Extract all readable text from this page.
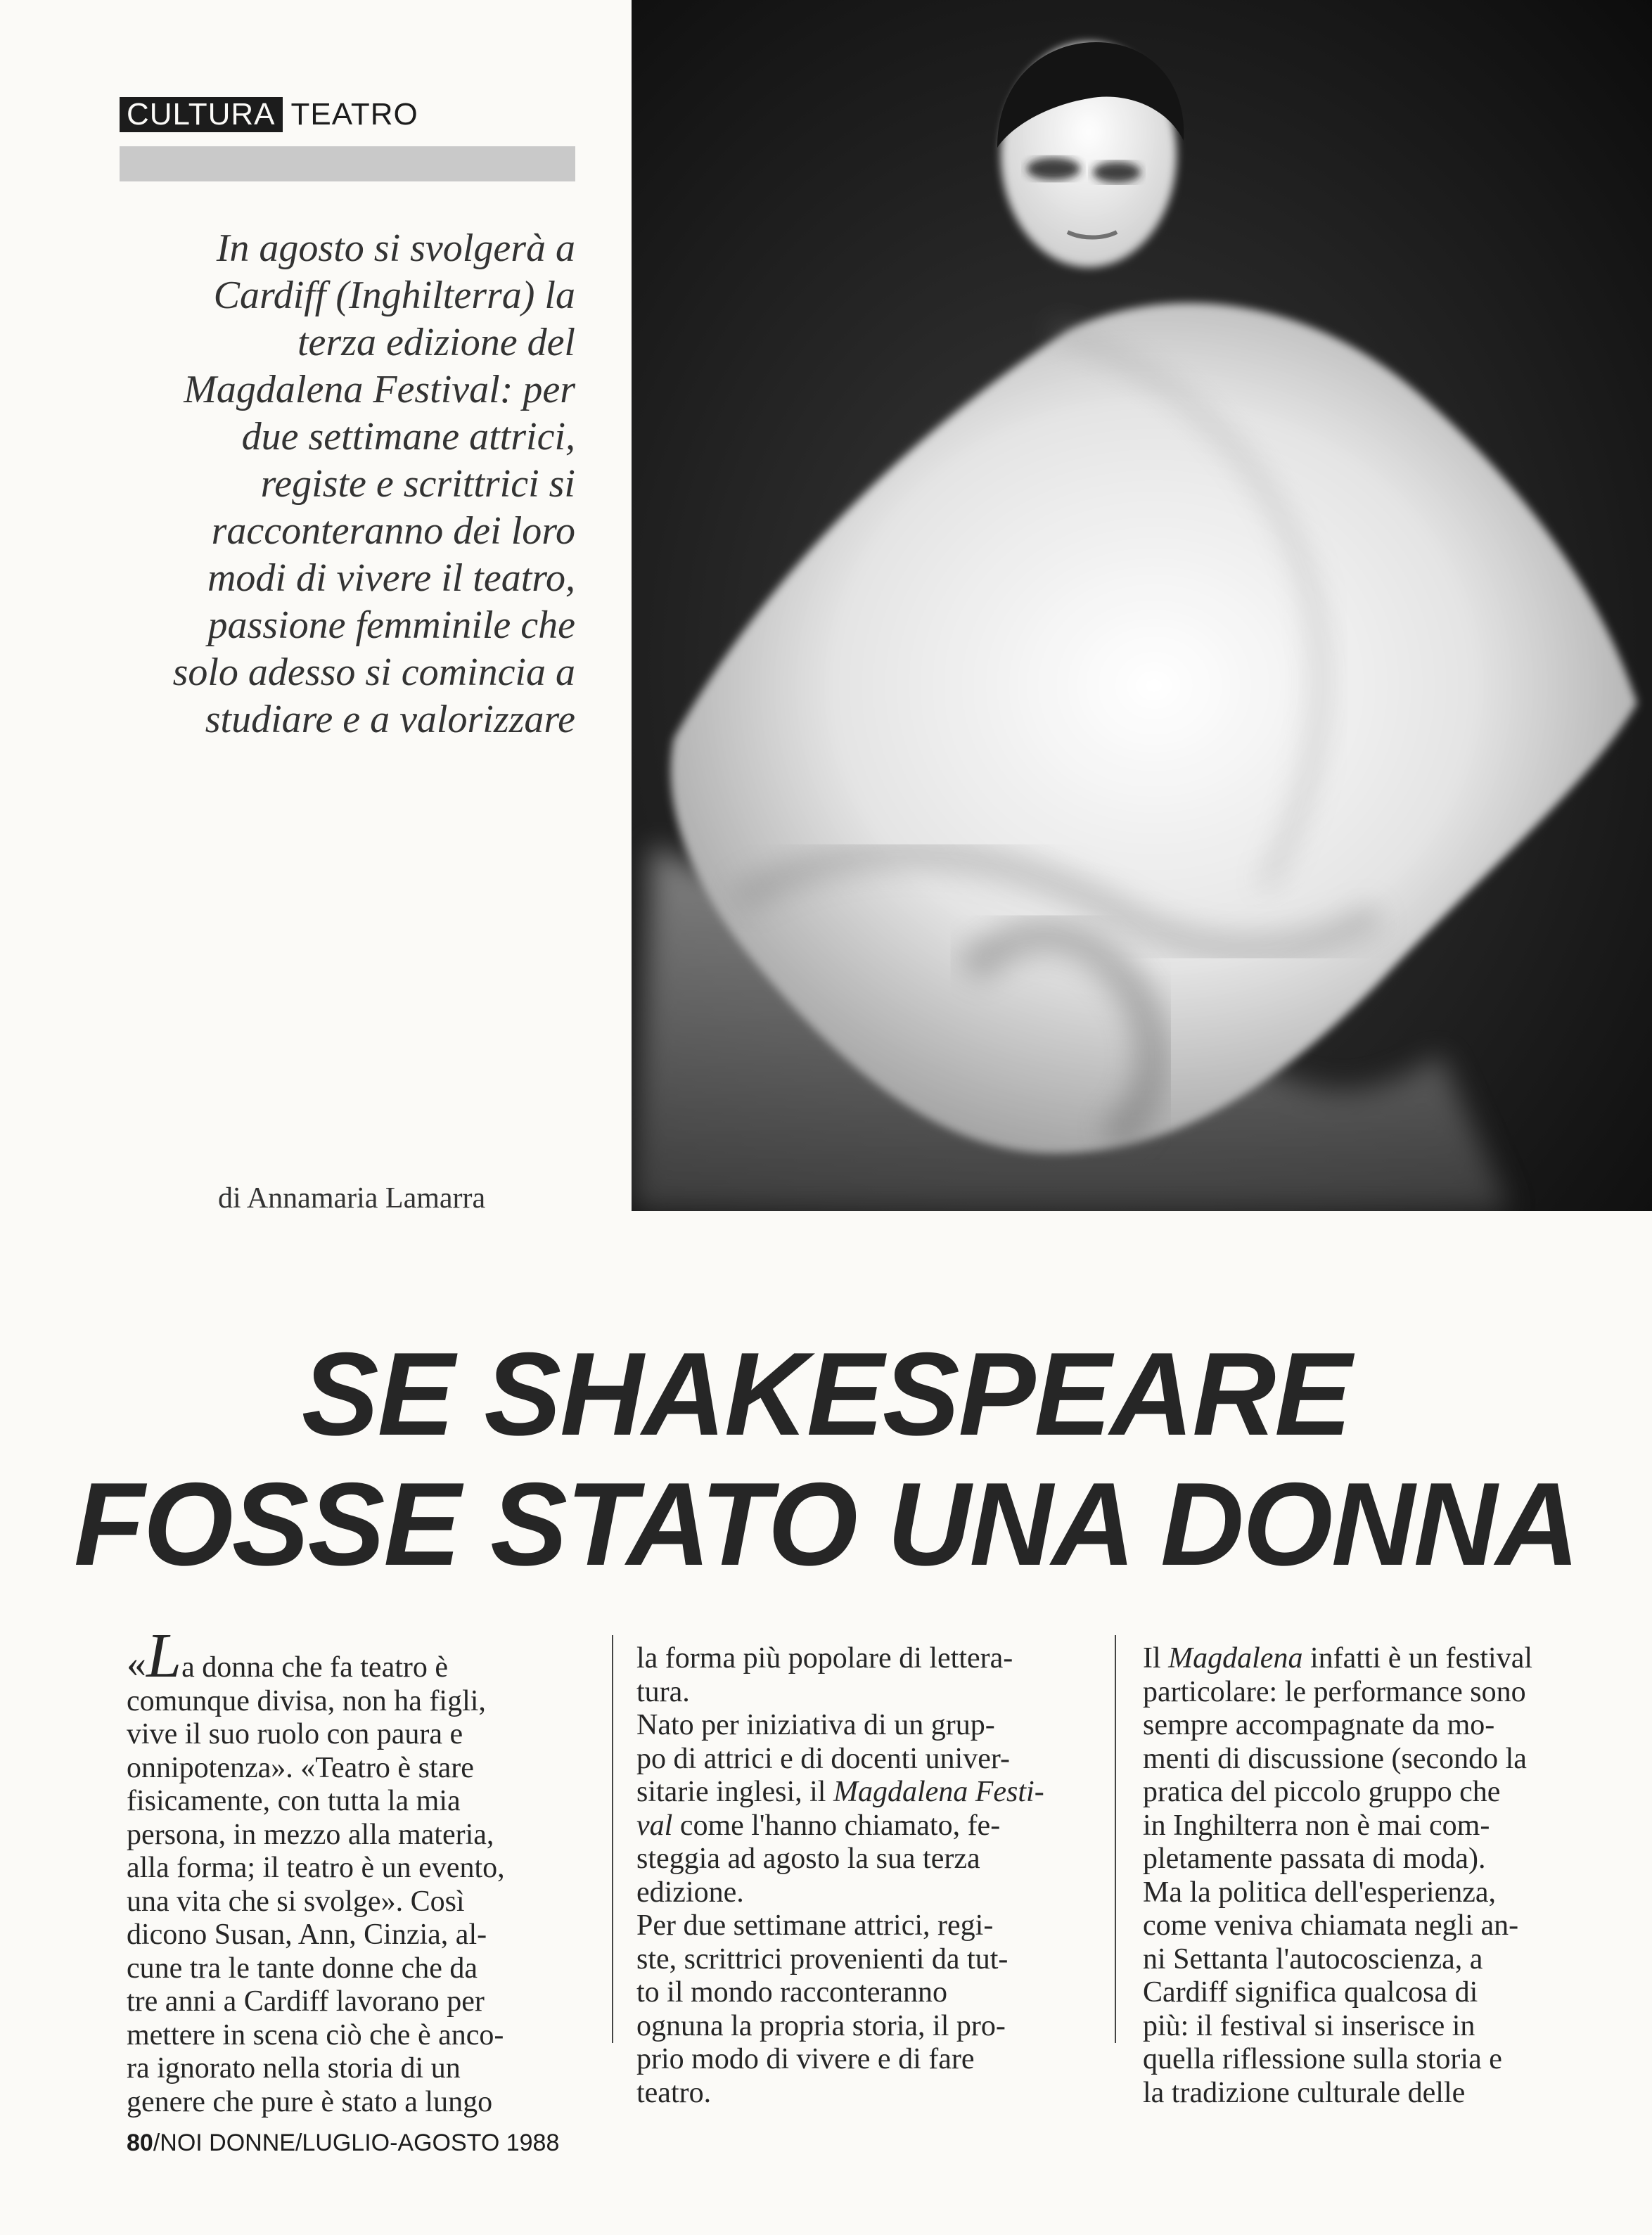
CULTURA TEATRO
In agosto si svolgerà a
Cardiff (Inghilterra) la
terza edizione del
Magdalena Festival: per
due settimane attrici,
registe e scrittrici si
racconteranno dei loro
modi di vivere il teatro,
passione femminile che
solo adesso si comincia a
studiare e a valorizzare
di Annamaria Lamarra
SE SHAKESPEARE
FOSSE STATO UNA DONNA
«La donna che fa teatro è
comunque divisa, non ha figli,
vive il suo ruolo con paura e
onnipotenza». «Teatro è stare
fisicamente, con tutta la mia
persona, in mezzo alla materia,
alla forma; il teatro è un evento,
una vita che si svolge». Così
dicono Susan, Ann, Cinzia, al-
cune tra le tante donne che da
tre anni a Cardiff lavorano per
mettere in scena ciò che è anco-
ra ignorato nella storia di un
genere che pure è stato a lungo
la forma più popolare di lettera-
tura.
Nato per iniziativa di un grup-
po di attrici e di docenti univer-
sitarie inglesi, il Magdalena Festi-
val come l'hanno chiamato, fe-
steggia ad agosto la sua terza
edizione.
Per due settimane attrici, regi-
ste, scrittrici provenienti da tut-
to il mondo racconteranno
ognuna la propria storia, il pro-
prio modo di vivere e di fare
teatro.
Il Magdalena infatti è un festival
particolare: le performance sono
sempre accompagnate da mo-
menti di discussione (secondo la
pratica del piccolo gruppo che
in Inghilterra non è mai com-
pletamente passata di moda).
Ma la politica dell'esperienza,
come veniva chiamata negli an-
ni Settanta l'autocoscienza, a
Cardiff significa qualcosa di
più: il festival si inserisce in
quella riflessione sulla storia e
la tradizione culturale delle
80/NOI DONNE/LUGLIO-AGOSTO 1988
